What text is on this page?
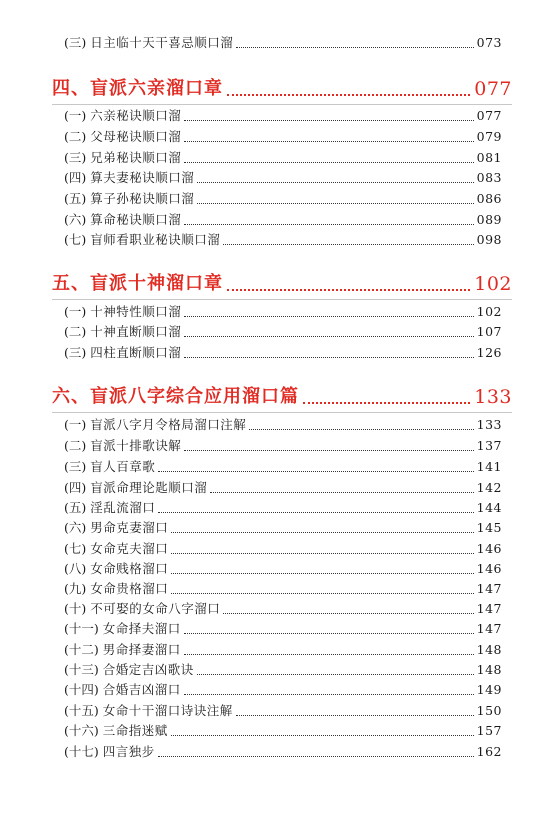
(三) 日主临十天干喜忌顺口溜	073
四、盲派六亲溜口章	077
(一) 六亲秘诀顺口溜	077
(二) 父母秘诀顺口溜	079
(三) 兄弟秘诀顺口溜	081
(四) 算夫妻秘诀顺口溜	083
(五) 算子孙秘诀顺口溜	086
(六) 算命秘诀顺口溜	089
(七) 盲师看职业秘诀顺口溜	098
五、盲派十神溜口章	102
(一) 十神特性顺口溜	102
(二) 十神直断顺口溜	107
(三) 四柱直断顺口溜	126
六、盲派八字综合应用溜口篇	133
(一) 盲派八字月令格局溜口注解	133
(二) 盲派十排歌诀解	137
(三) 盲人百章歌	141
(四) 盲派命理论匙顺口溜	142
(五) 淫乱流溜口	144
(六) 男命克妻溜口	145
(七) 女命克夫溜口	146
(八) 女命贱格溜口	146
(九) 女命贵格溜口	147
(十) 不可娶的女命八字溜口	147
(十一) 女命择夫溜口	147
(十二) 男命择妻溜口	148
(十三) 合婚定吉凶歌诀	148
(十四) 合婚吉凶溜口	149
(十五) 女命十干溜口诗诀注解	150
(十六) 三命指迷赋	157
(十七) 四言独步	162
